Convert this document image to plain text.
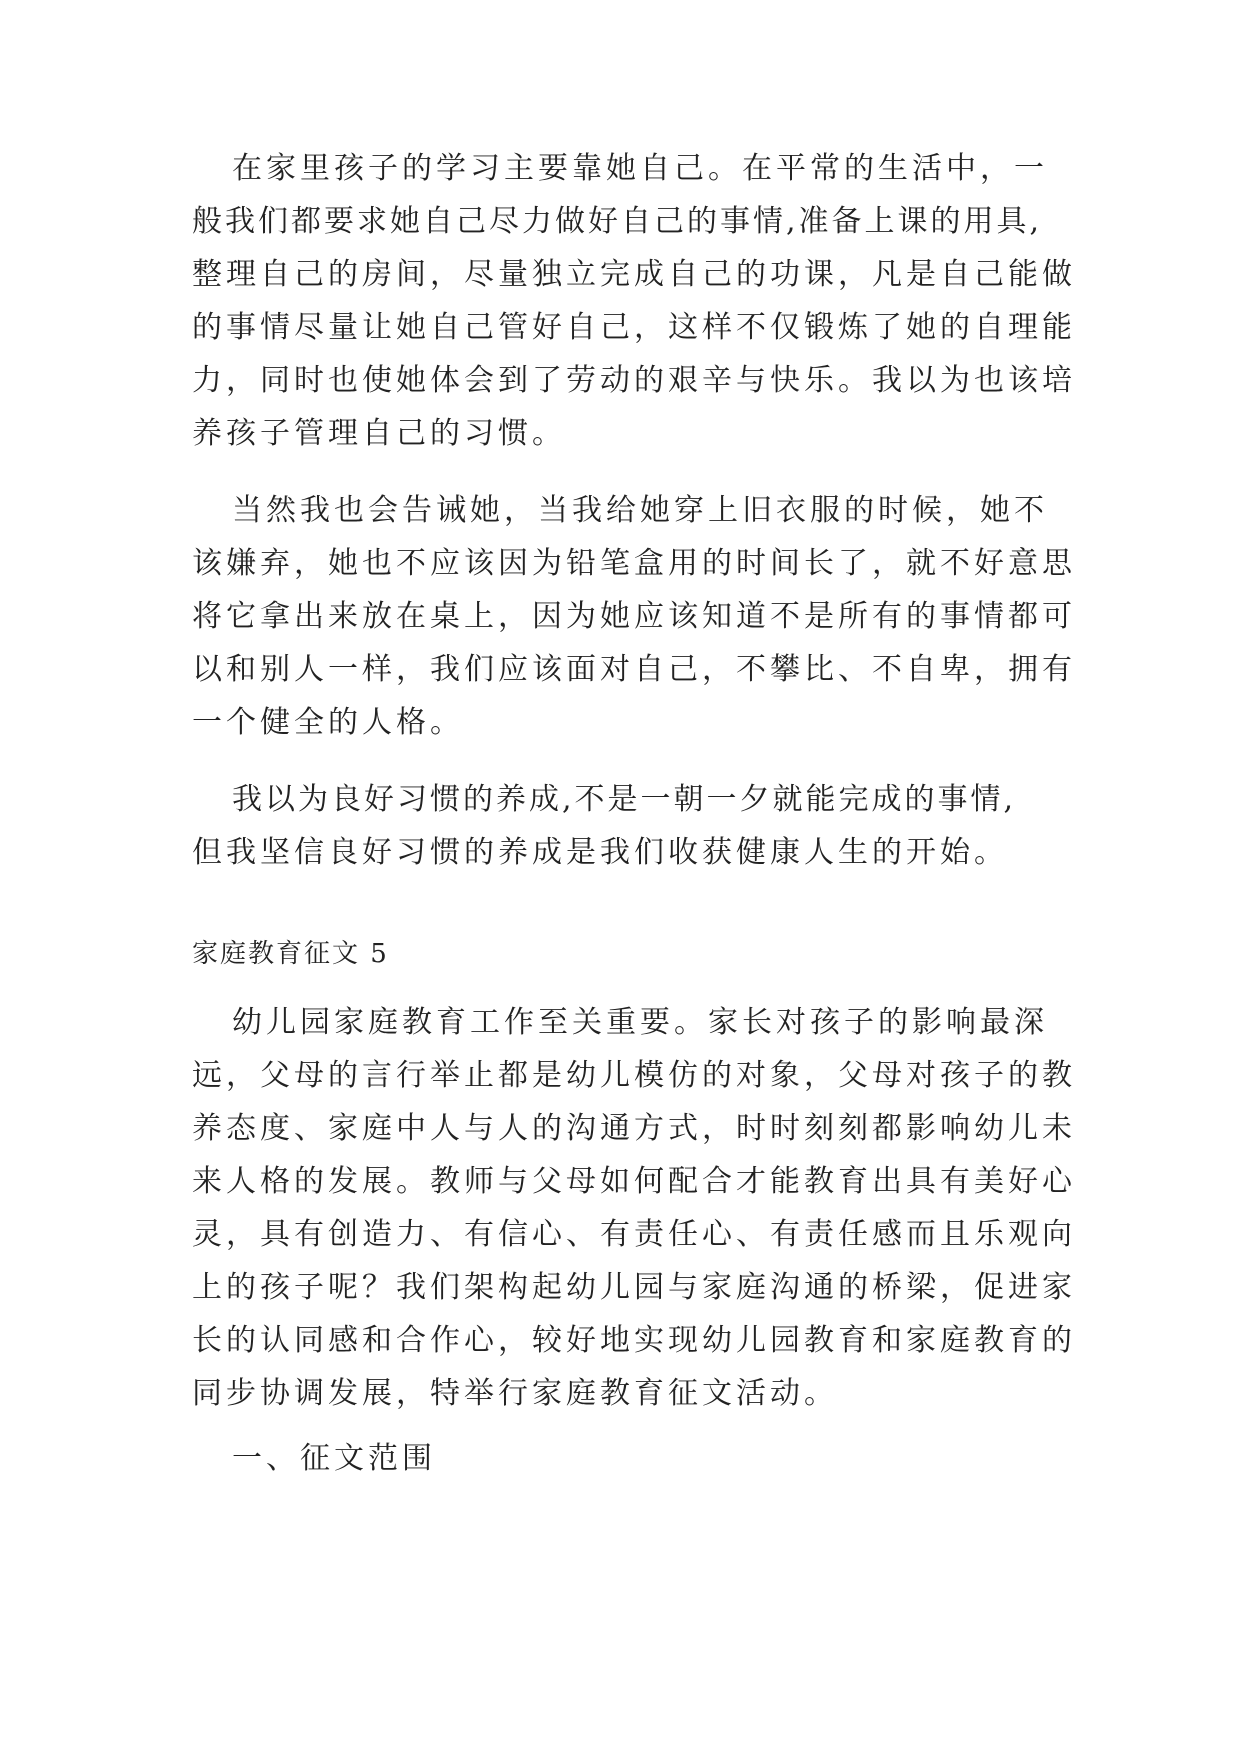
在家里孩子的学习主要靠她自己。在平常的生活中，一
般我们都要求她自己尽力做好自己的事情,准备上课的用具,
整理自己的房间，尽量独立完成自己的功课，凡是自己能做
的事情尽量让她自己管好自己，这样不仅锻炼了她的自理能
力，同时也使她体会到了劳动的艰辛与快乐。我以为也该培
养孩子管理自己的习惯。
当然我也会告诫她，当我给她穿上旧衣服的时候，她不
该嫌弃，她也不应该因为铅笔盒用的时间长了，就不好意思
将它拿出来放在桌上，因为她应该知道不是所有的事情都可
以和别人一样，我们应该面对自己，不攀比、不自卑，拥有
一个健全的人格。
我以为良好习惯的养成,不是一朝一夕就能完成的事情,
但我坚信良好习惯的养成是我们收获健康人生的开始。
家庭教育征文 5
幼儿园家庭教育工作至关重要。家长对孩子的影响最深
远，父母的言行举止都是幼儿模仿的对象，父母对孩子的教
养态度、家庭中人与人的沟通方式，时时刻刻都影响幼儿未
来人格的发展。教师与父母如何配合才能教育出具有美好心
灵，具有创造力、有信心、有责任心、有责任感而且乐观向
上的孩子呢？我们架构起幼儿园与家庭沟通的桥梁，促进家
长的认同感和合作心，较好地实现幼儿园教育和家庭教育的
同步协调发展，特举行家庭教育征文活动。
一、征文范围
